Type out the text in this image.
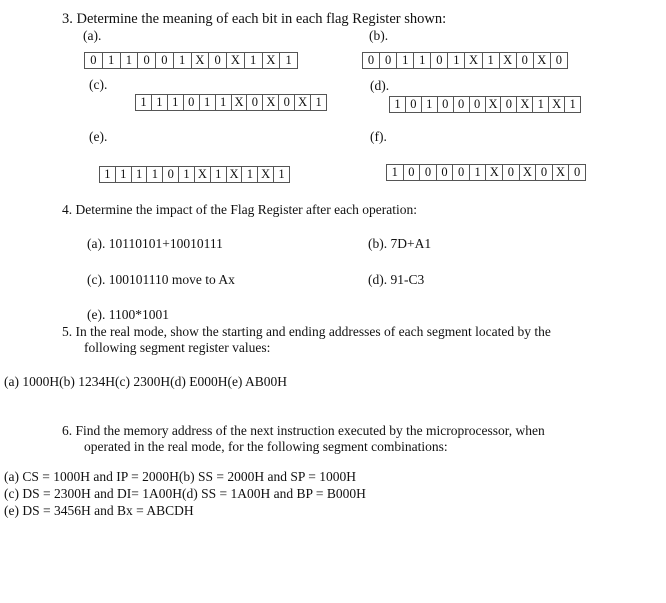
3. Determine the meaning of each bit in each flag Register shown:
(a).
0 1 1 0 0 1 X 0 X 1 X 1
(b).
0 0 1 1 0 1 X 1 X 0 X 0
(c).
1 1 1 0 1 1 X 0 X 0 X 1
(d).
1 0 1 0 0 0 X 0 X 1 X 1
(e).
1 1 1 1 0 1 X 1 X 1 X 1
(f).
1 0 0 0 0 1 X 0 X 0 X 0
4. Determine the impact of the Flag Register after each operation:
(a). 10110101+10010111	(b). 7D+A1
(c). 100101110 move to Ax	(d). 91-C3
(e). 1100*1001
5. In the real mode, show the starting and ending addresses of each segment located by the
following segment register values:
(a) 1000H(b) 1234H(c) 2300H(d) E000H(e) AB00H
6. Find the memory address of the next instruction executed by the microprocessor, when
operated in the real mode, for the following segment combinations:
(a) CS = 1000H and IP = 2000H(b) SS = 2000H and SP = 1000H
(c) DS = 2300H and DI= 1A00H(d) SS = 1A00H and BP = B000H
(e) DS = 3456H and Bx = ABCDH
